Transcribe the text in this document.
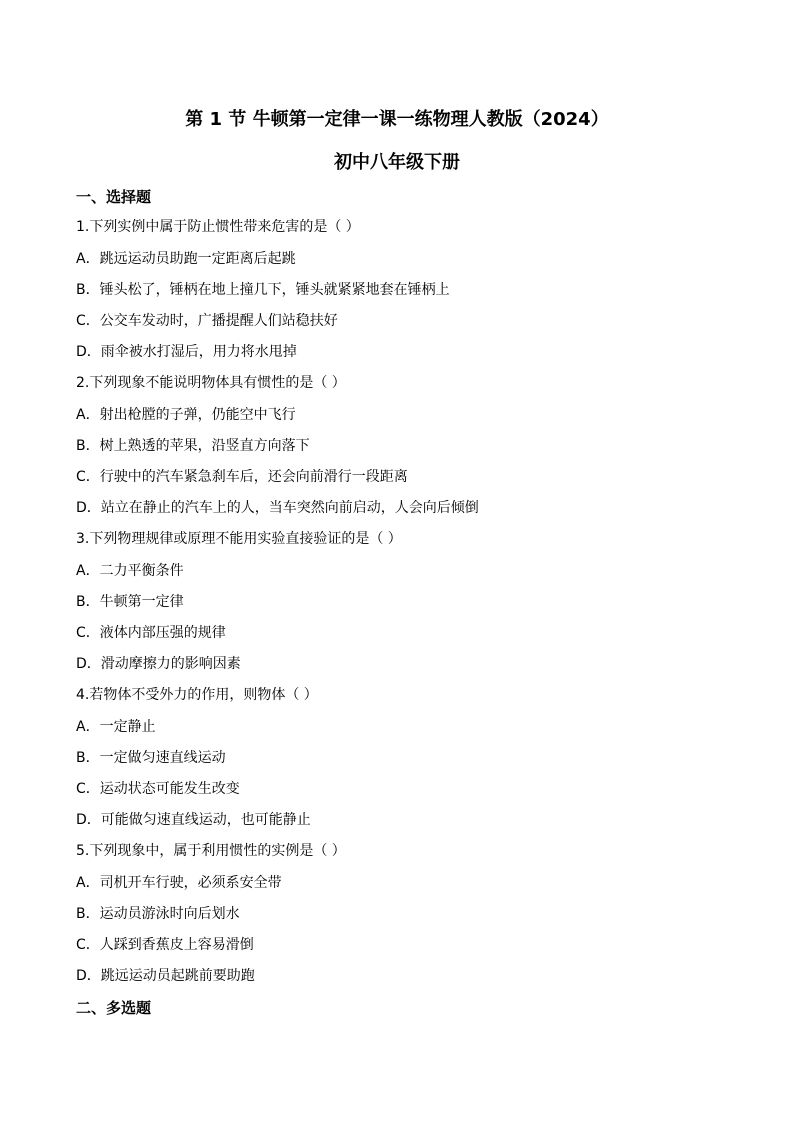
第 1 节 牛顿第一定律一课一练物理人教版（2024）
初中八年级下册
一、选择题
1.下列实例中属于防止惯性带来危害的是（ ）
A．跳远运动员助跑一定距离后起跳
B．锤头松了，锤柄在地上撞几下，锤头就紧紧地套在锤柄上
C．公交车发动时，广播提醒人们站稳扶好
D．雨伞被水打湿后，用力将水甩掉
2.下列现象不能说明物体具有惯性的是（ ）
A．射出枪膛的子弹，仍能空中飞行
B．树上熟透的苹果，沿竖直方向落下
C．行驶中的汽车紧急刹车后，还会向前滑行一段距离
D．站立在静止的汽车上的人，当车突然向前启动，人会向后倾倒
3.下列物理规律或原理不能用实验直接验证的是（ ）
A．二力平衡条件
B．牛顿第一定律
C．液体内部压强的规律
D．滑动摩擦力的影响因素
4.若物体不受外力的作用，则物体（ ）
A．一定静止
B．一定做匀速直线运动
C．运动状态可能发生改变
D．可能做匀速直线运动，也可能静止
5.下列现象中，属于利用惯性的实例是（ ）
A．司机开车行驶，必须系安全带
B．运动员游泳时向后划水
C．人踩到香蕉皮上容易滑倒
D．跳远运动员起跳前要助跑
二、多选题
